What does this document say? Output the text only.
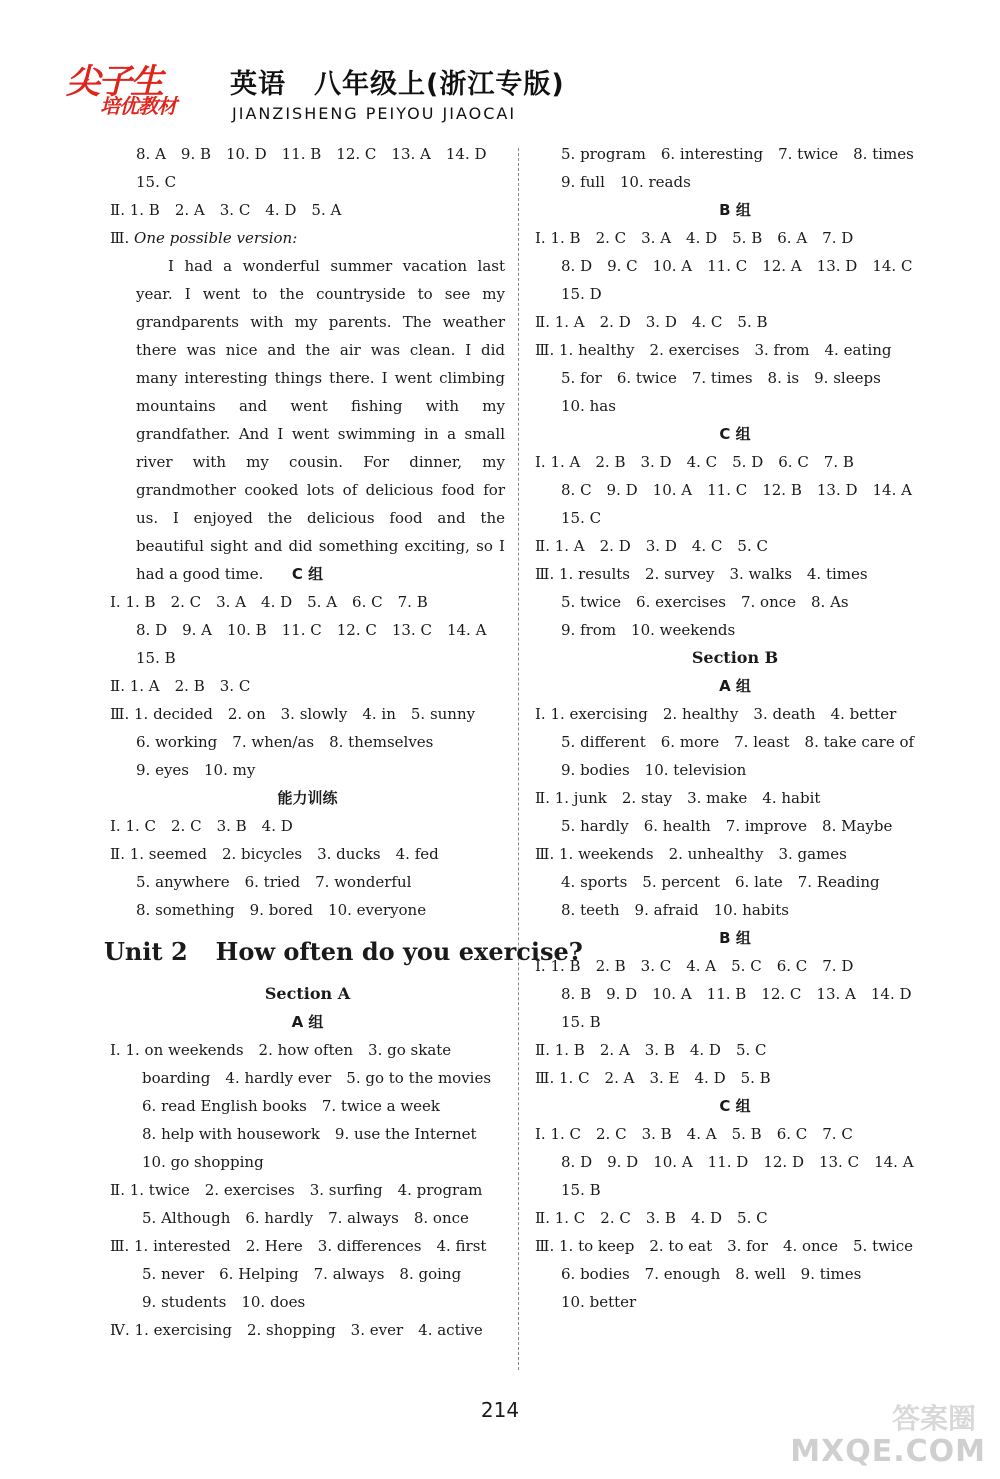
尖子生
培优教材
英语　八年级上(浙江专版)
JIANZISHENG PEIYOU JIAOCAI
8. A　9. B　10. D　11. B　12. C　13. A　14. D
15. C
Ⅱ. 1. B　2. A　3. C　4. D　5. A
Ⅲ. One possible version:
I had a wonderful summer vacation last year. I went to the countryside to see my grandparents with my parents. The weather there was nice and the air was clean. I did many interesting things there. I went climbing mountains and went fishing with my grandfather. And I went swimming in a small river with my cousin. For dinner, my grandmother cooked lots of delicious food for us. I enjoyed the delicious food and the beautiful sight and did something exciting, so I had a good time.	C 组
Ⅰ. 1. B　2. C　3. A　4. D　5. A　6. C　7. B
8. D　9. A　10. B　11. C　12. C　13. C　14. A
15. B
Ⅱ. 1. A　2. B　3. C
Ⅲ. 1. decided　2. on　3. slowly　4. in　5. sunny
6. working　7. when/as　8. themselves
9. eyes　10. my
能力训练
Ⅰ. 1. C　2. C　3. B　4. D
Ⅱ. 1. seemed　2. bicycles　3. ducks　4. fed
5. anywhere　6. tried　7. wonderful
8. something　9. bored　10. everyone
Unit 2 How often do you exercise?
Section A
A 组
Ⅰ. 1. on weekends　2. how often　3. go skate
boarding　4. hardly ever　5. go to the movies
6. read English books　7. twice a week
8. help with housework　9. use the Internet
10. go shopping
Ⅱ. 1. twice　2. exercises　3. surfing　4. program
5. Although　6. hardly　7. always　8. once
Ⅲ. 1. interested　2. Here　3. differences　4. first
5. never　6. Helping　7. always　8. going
9. students　10. does
Ⅳ. 1. exercising　2. shopping　3. ever　4. active
5. program　6. interesting　7. twice　8. times
9. full　10. reads
B 组
Ⅰ. 1. B　2. C　3. A　4. D　5. B　6. A　7. D
8. D　9. C　10. A　11. C　12. A　13. D　14. C
15. D
Ⅱ. 1. A　2. D　3. D　4. C　5. B
Ⅲ. 1. healthy　2. exercises　3. from　4. eating
5. for　6. twice　7. times　8. is　9. sleeps
10. has
C 组
Ⅰ. 1. A　2. B　3. D　4. C　5. D　6. C　7. B
8. C　9. D　10. A　11. C　12. B　13. D　14. A
15. C
Ⅱ. 1. A　2. D　3. D　4. C　5. C
Ⅲ. 1. results　2. survey　3. walks　4. times
5. twice　6. exercises　7. once　8. As
9. from　10. weekends
Section B
A 组
Ⅰ. 1. exercising　2. healthy　3. death　4. better
5. different　6. more　7. least　8. take care of
9. bodies　10. television
Ⅱ. 1. junk　2. stay　3. make　4. habit
5. hardly　6. health　7. improve　8. Maybe
Ⅲ. 1. weekends　2. unhealthy　3. games
4. sports　5. percent　6. late　7. Reading
8. teeth　9. afraid　10. habits
B 组
Ⅰ. 1. B　2. B　3. C　4. A　5. C　6. C　7. D
8. B　9. D　10. A　11. B　12. C　13. A　14. D
15. B
Ⅱ. 1. B　2. A　3. B　4. D　5. C
Ⅲ. 1. C　2. A　3. E　4. D　5. B
C 组
Ⅰ. 1. C　2. C　3. B　4. A　5. B　6. C　7. C
8. D　9. D　10. A　11. D　12. D　13. C　14. A
15. B
Ⅱ. 1. C　2. C　3. B　4. D　5. C
Ⅲ. 1. to keep　2. to eat　3. for　4. once　5. twice
6. bodies　7. enough　8. well　9. times
10. better
214	答案圈
MXQE.COM
